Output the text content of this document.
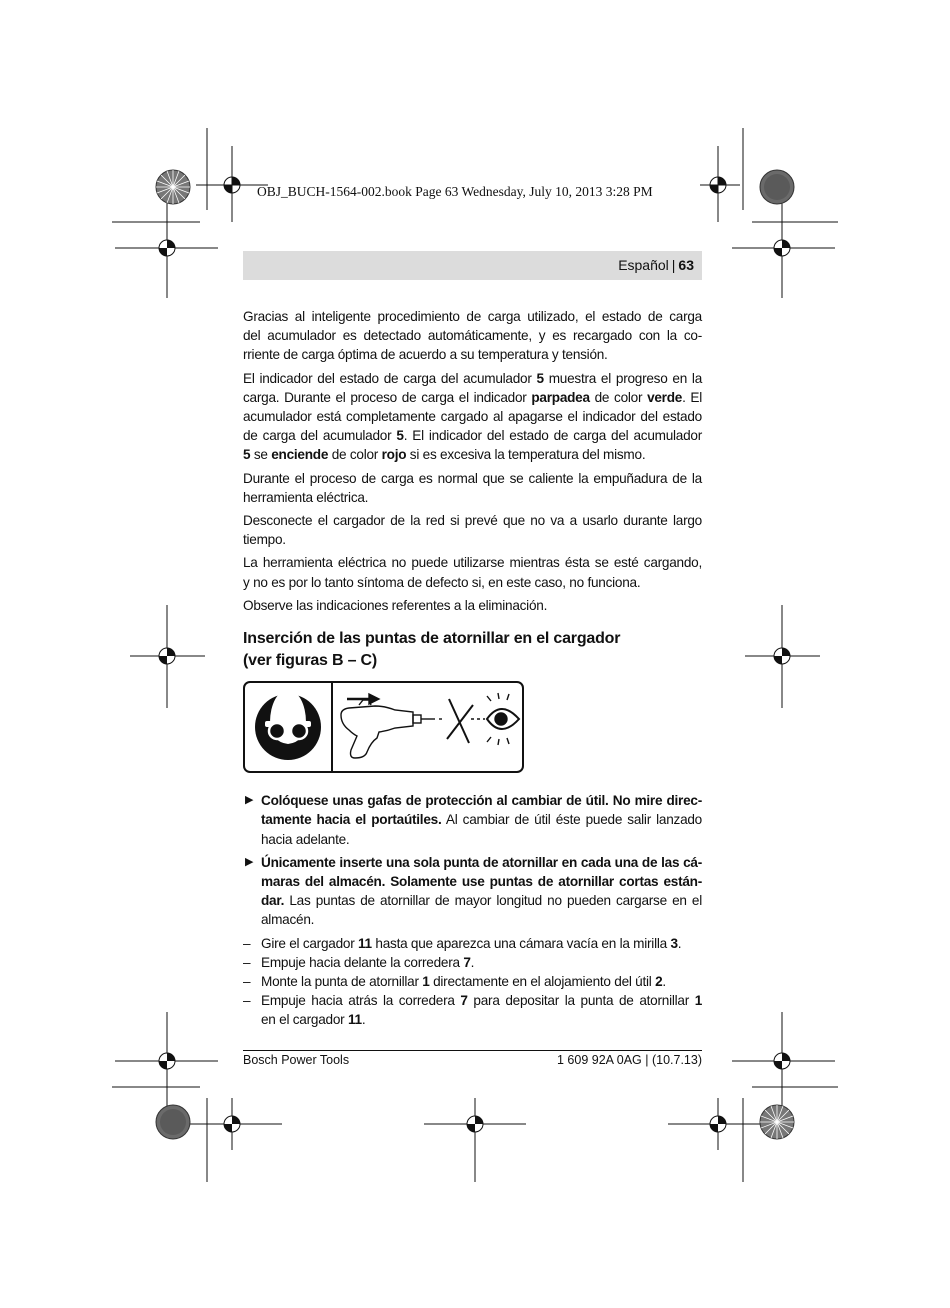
OBJ_BUCH-1564-002.book Page 63 Wednesday, July 10, 2013 3:28 PM
Español | 63

Gracias al inteligente procedimiento de carga utilizado, el estado de carga
del acumulador es detectado automáticamente, y es recargado con la co-
rriente de carga óptima de acuerdo a su temperatura y tensión.

El indicador del estado de carga del acumulador 5 muestra el progreso en la
carga. Durante el proceso de carga el indicador parpadea de color verde. El
acumulador está completamente cargado al apagarse el indicador del estado
de carga del acumulador 5. El indicador del estado de carga del acumulador
5 se enciende de color rojo si es excesiva la temperatura del mismo.

Durante el proceso de carga es normal que se caliente la empuñadura de la
herramienta eléctrica.

Desconecte el cargador de la red si prevé que no va a usarlo durante largo
tiempo.

La herramienta eléctrica no puede utilizarse mientras ésta se esté cargando,
y no es por lo tanto síntoma de defecto si, en este caso, no funciona.

Observe las indicaciones referentes a la eliminación.

Inserción de las puntas de atornillar en el cargador
(ver figuras B – C)
▶ Colóquese unas gafas de protección al cambiar de útil. No mire direc-
tamente hacia el portaútiles. Al cambiar de útil éste puede salir lanzado
hacia adelante.
▶ Únicamente inserte una sola punta de atornillar en cada una de las cá-
maras del almacén. Solamente use puntas de atornillar cortas están-
dar. Las puntas de atornillar de mayor longitud no pueden cargarse en el
almacén.
– Gire el cargador 11 hasta que aparezca una cámara vacía en la mirilla 3.
– Empuje hacia delante la corredera 7.
– Monte la punta de atornillar 1 directamente en el alojamiento del útil 2.
– Empuje hacia atrás la corredera 7 para depositar la punta de atornillar 1
en el cargador 11.
Bosch Power Tools	1 609 92A 0AG | (10.7.13)
